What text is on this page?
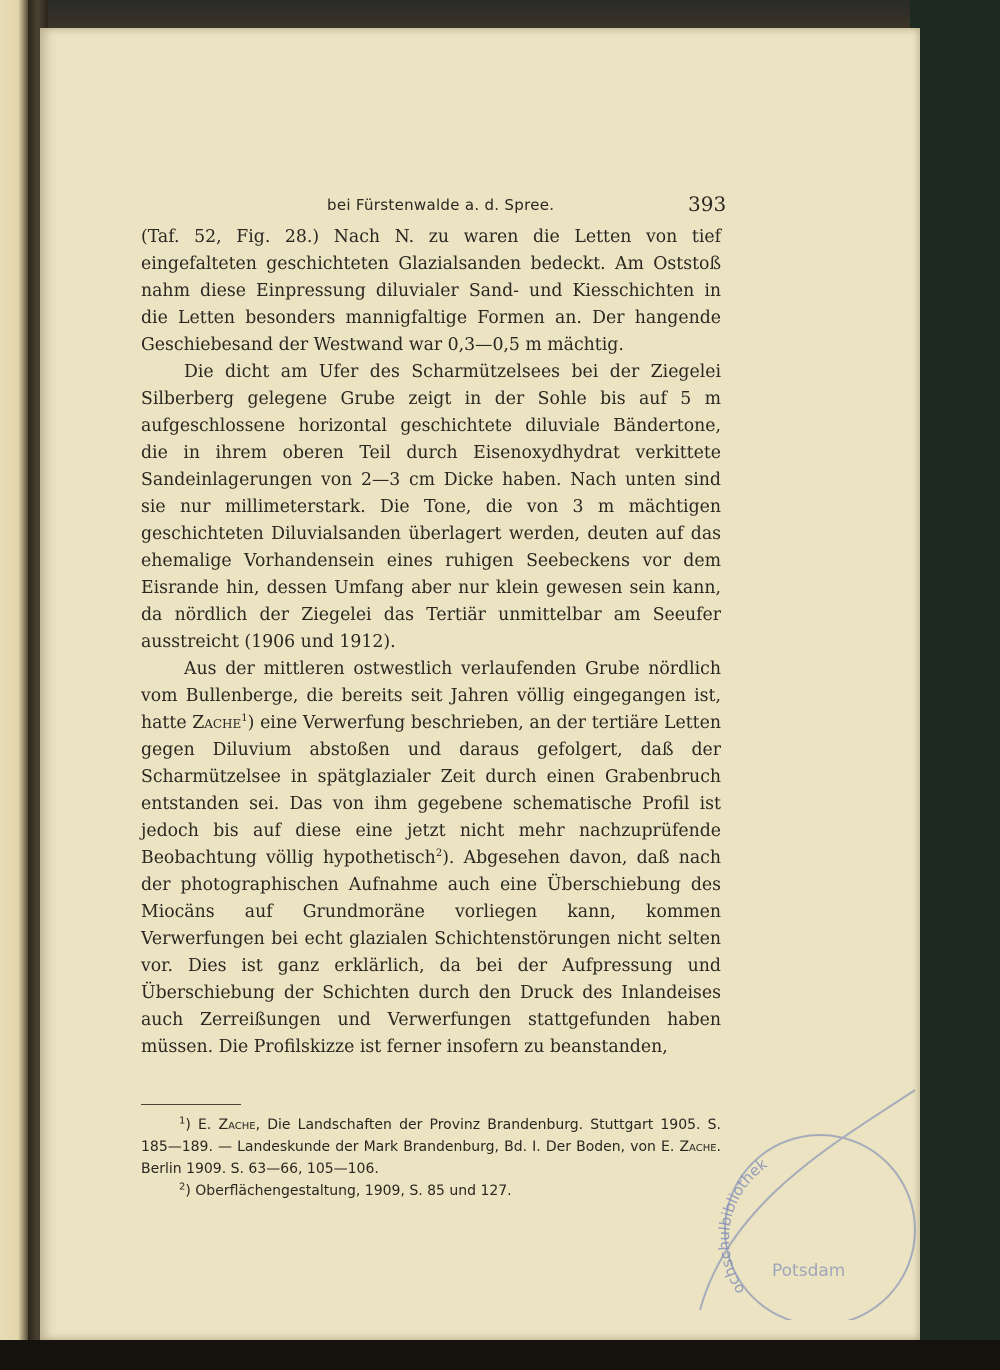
bei Fürstenwalde a. d. Spree.	393

(Taf. 52, Fig. 28.) Nach N. zu waren die Letten von tief eingefalteten geschichteten Glazialsanden bedeckt. Am Oststoß nahm diese Einpressung diluvialer Sand- und Kiesschichten in die Letten besonders mannigfaltige Formen an. Der hangende Geschiebesand der Westwand war 0,3—0,5 m mächtig.

Die dicht am Ufer des Scharmützelsees bei der Ziegelei Silberberg gelegene Grube zeigt in der Sohle bis auf 5 m aufgeschlossene horizontal geschichtete diluviale Bändertone, die in ihrem oberen Teil durch Eisenoxydhydrat verkittete Sandeinlagerungen von 2—3 cm Dicke haben. Nach unten sind sie nur millimeterstark. Die Tone, die von 3 m mächtigen geschichteten Diluvialsanden überlagert werden, deuten auf das ehemalige Vorhandensein eines ruhigen Seebeckens vor dem Eisrande hin, dessen Umfang aber nur klein gewesen sein kann, da nördlich der Ziegelei das Tertiär unmittelbar am Seeufer ausstreicht (1906 und 1912).

Aus der mittleren ostwestlich verlaufenden Grube nördlich vom Bullenberge, die bereits seit Jahren völlig eingegangen ist, hatte Zache$^1$) eine Verwerfung beschrieben, an der tertiäre Letten gegen Diluvium abstoßen und daraus gefolgert, daß der Scharmützelsee in spätglazialer Zeit durch einen Grabenbruch entstanden sei. Das von ihm gegebene schematische Profil ist jedoch bis auf diese eine jetzt nicht mehr nachzuprüfende Beobachtung völlig hypothetisch$^2$). Abgesehen davon, daß nach der photographischen Aufnahme auch eine Überschiebung des Miocäns auf Grundmoräne vorliegen kann, kommen Verwerfungen bei echt glazialen Schichtenstörungen nicht selten vor. Dies ist ganz erklärlich, da bei der Aufpressung und Überschiebung der Schichten durch den Druck des Inlandeises auch Zerreißungen und Verwerfungen stattgefunden haben müssen. Die Profilskizze ist ferner insofern zu beanstanden,

$^1$) E. Zache, Die Landschaften der Provinz Brandenburg. Stuttgart 1905. S. 185—189. — Landeskunde der Mark Brandenburg, Bd. I. Der Boden, von E. Zache. Berlin 1909. S. 63—66, 105—106.

$^2$) Oberflächengestaltung, 1909, S. 85 und 127.

ochschulbibliothek
Potsdam
